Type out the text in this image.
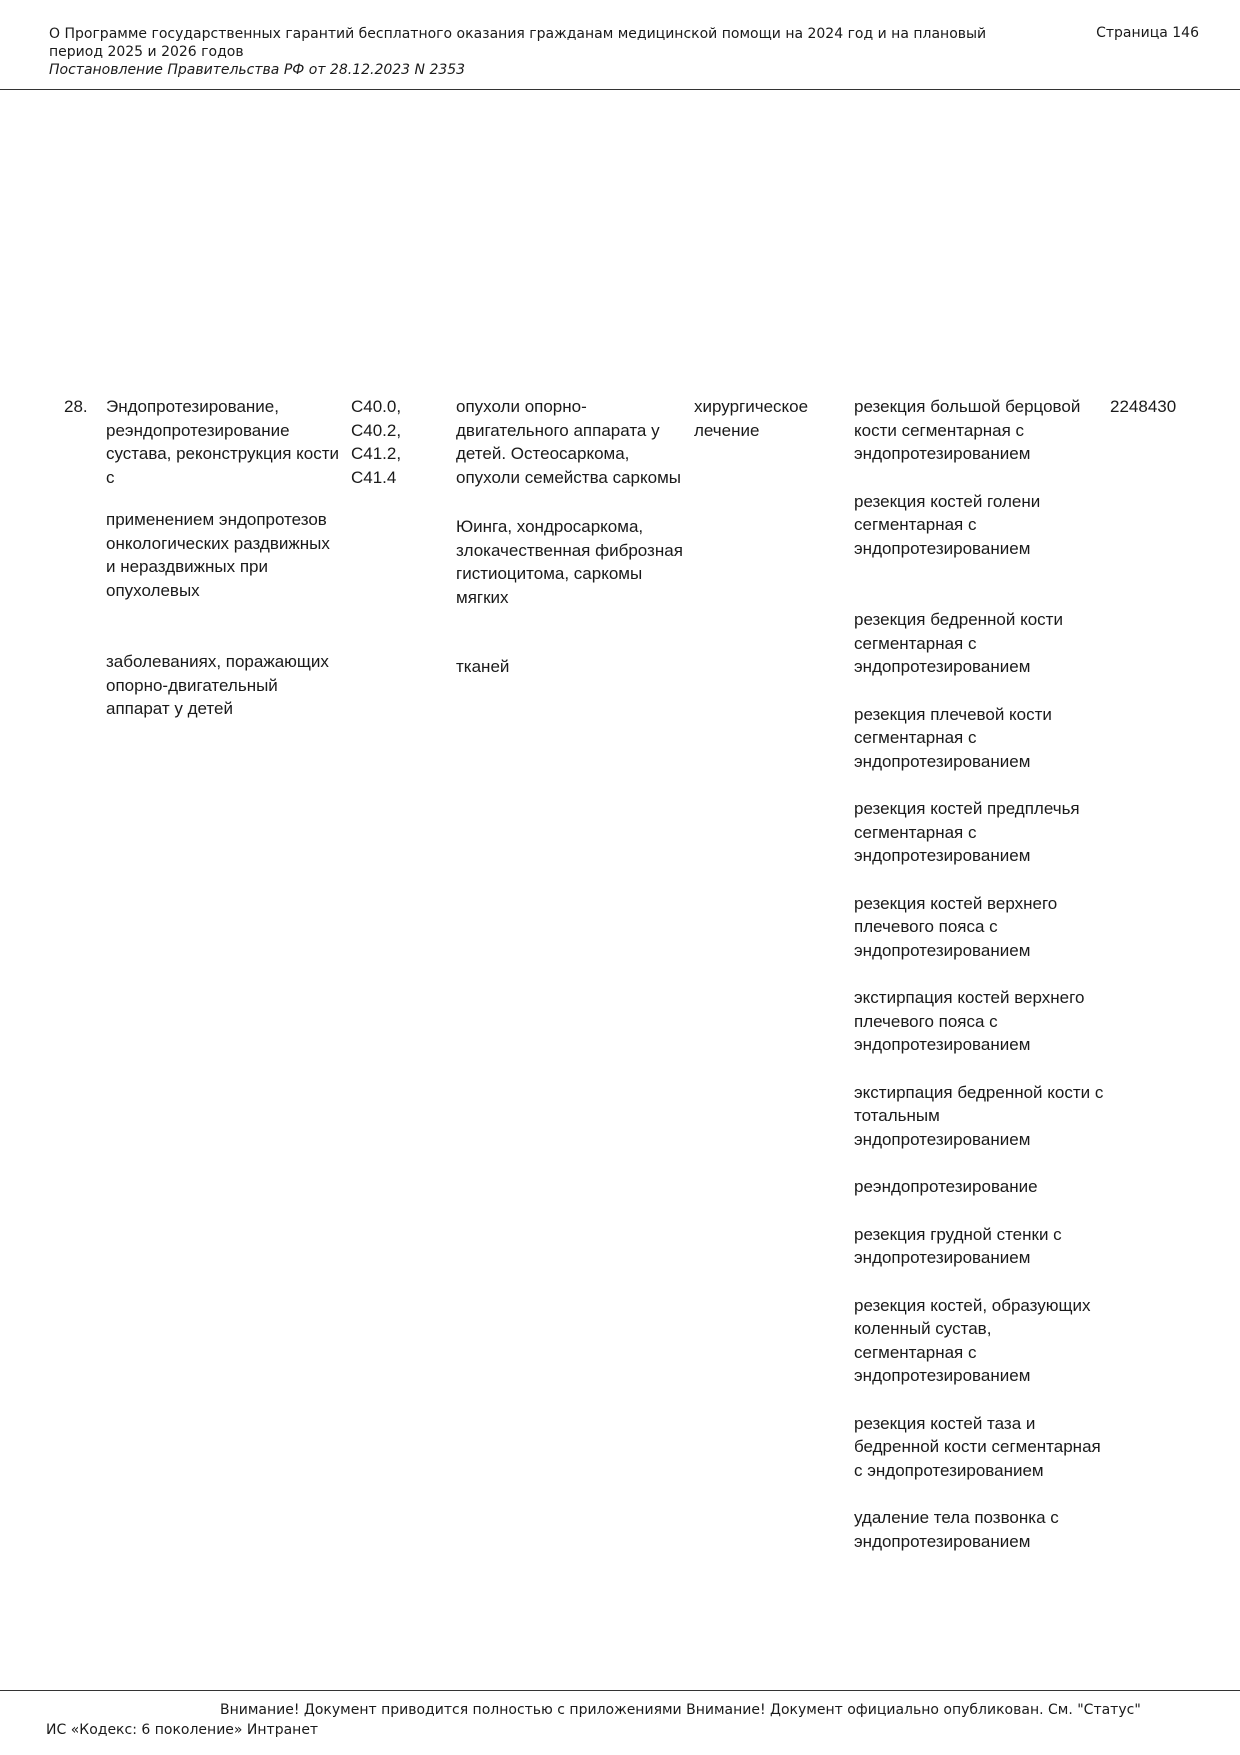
О Программе государственных гарантий бесплатного оказания гражданам медицинской помощи на 2024 год и на плановый период 2025 и 2026 годов
Постановление Правительства РФ от 28.12.2023 N 2353
Страница 146
28. Эндопротезирование, реэндопротезирование сустава, реконструкция кости с
применением эндопротезов онкологических раздвижных и нераздвижных при опухолевых
заболеваниях, поражающих опорно-двигательный аппарат у детей
C40.0, C40.2, C41.2, C41.4
опухоли опорно-двигательного аппарата у детей. Остеосаркома, опухоли семейства саркомы
Юинга, хондросаркома, злокачественная фиброзная гистиоцитома, саркомы мягких
тканей
хирургическое лечение
резекция большой берцовой кости сегментарная с эндопротезированием
резекция костей голени сегментарная с эндопротезированием
резекция бедренной кости сегментарная с эндопротезированием
резекция плечевой кости сегментарная с эндопротезированием
резекция костей предплечья сегментарная с эндопротезированием
резекция костей верхнего плечевого пояса с эндопротезированием
экстирпация костей верхнего плечевого пояса с эндопротезированием
экстирпация бедренной кости с тотальным эндопротезированием
реэндопротезирование
резекция грудной стенки с эндопротезированием
резекция костей, образующих коленный сустав, сегментарная с эндопротезированием
резекция костей таза и бедренной кости сегментарная с эндопротезированием
удаление тела позвонка с эндопротезированием
2248430
Внимание! Документ приводится полностью с приложениями Внимание! Документ официально опубликован. См. "Статус"
ИС «Кодекс: 6 поколение» Интранет
